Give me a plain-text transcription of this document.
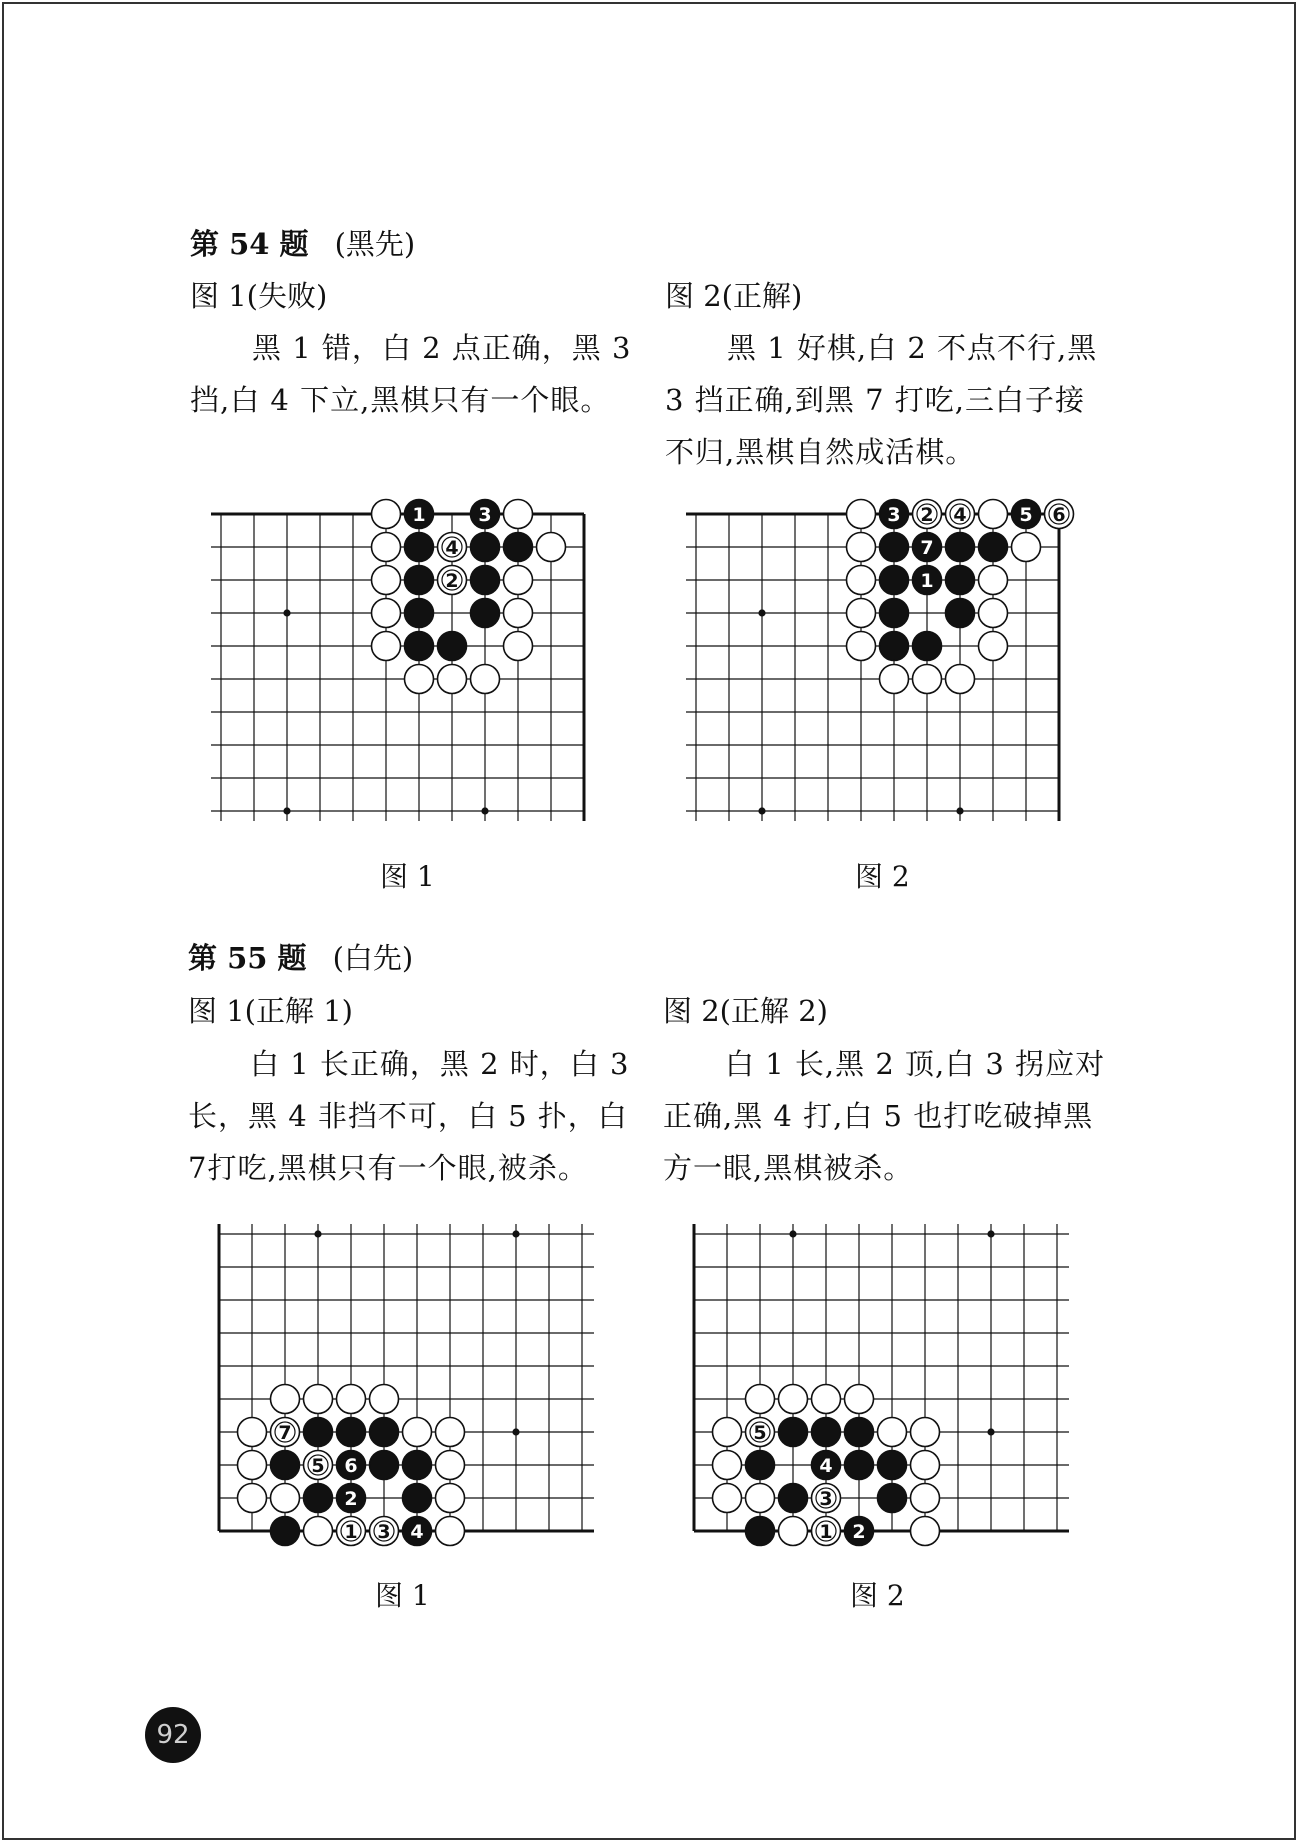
第 54 题 (黑先)
图 1(失败)	图 2(正解)
黑 1 错，白 2 点正确，黑 3
挡,白 4 下立,黑棋只有一个眼。
黑 1 好棋,白 2 不点不行,黑
3 挡正确,到黑 7 打吃,三白子接
不归,黑棋自然成活棋。
1	3
4
2
3 2 4	5 6
7
1
图 1	图 2
第 55 题 (白先)
图 1(正解 1)	图 2(正解 2)
白 1 长正确，黑 2 时，白 3
长，黑 4 非挡不可，白 5 扑，白
7打吃,黑棋只有一个眼,被杀。
白 1 长,黑 2 顶,白 3 拐应对
正确,黑 4 打,白 5 也打吃破掉黑
方一眼,黑棋被杀。
7
5 6
2
1 3 4
5
4
3
1 2
图 1	图 2
92
